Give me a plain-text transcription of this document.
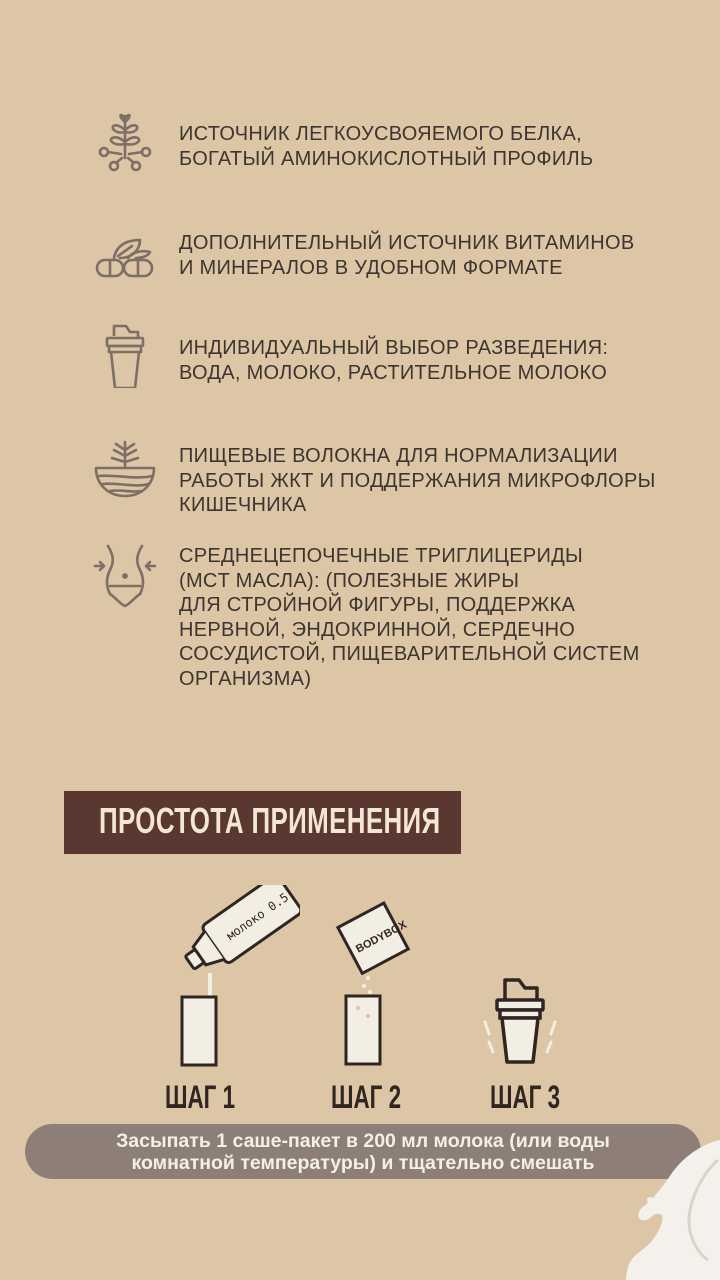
ИСТОЧНИК ЛЕГКОУСВОЯЕМОГО БЕЛКА,
БОГАТЫЙ АМИНОКИСЛОТНЫЙ ПРОФИЛЬ
ДОПОЛНИТЕЛЬНЫЙ ИСТОЧНИК ВИТАМИНОВ
И МИНЕРАЛОВ В УДОБНОМ ФОРМАТЕ
ИНДИВИДУАЛЬНЫЙ ВЫБОР РАЗВЕДЕНИЯ:
ВОДА, МОЛОКО, РАСТИТЕЛЬНОЕ МОЛОКО
ПИЩЕВЫЕ ВОЛОКНА ДЛЯ НОРМАЛИЗАЦИИ
РАБОТЫ ЖКТ И ПОДДЕРЖАНИЯ МИКРОФЛОРЫ
КИШЕЧНИКА
СРЕДНЕЦЕПОЧЕЧНЫЕ ТРИГЛИЦЕРИДЫ
(MCT МАСЛА): (ПОЛЕЗНЫЕ ЖИРЫ
ДЛЯ СТРОЙНОЙ ФИГУРЫ, ПОДДЕРЖКА
НЕРВНОЙ, ЭНДОКРИННОЙ, СЕРДЕЧНО
СОСУДИСТОЙ, ПИЩЕВАРИТЕЛЬНОЙ СИСТЕМ
ОРГАНИЗМА)
ПРОСТОТА ПРИМЕНЕНИЯ
молоко 0.5	BODYBOX
ШАГ 1	ШАГ 2	ШАГ 3
Засыпать 1 саше-пакет в 200 мл молока (или воды
комнатной температуры) и тщательно смешать
